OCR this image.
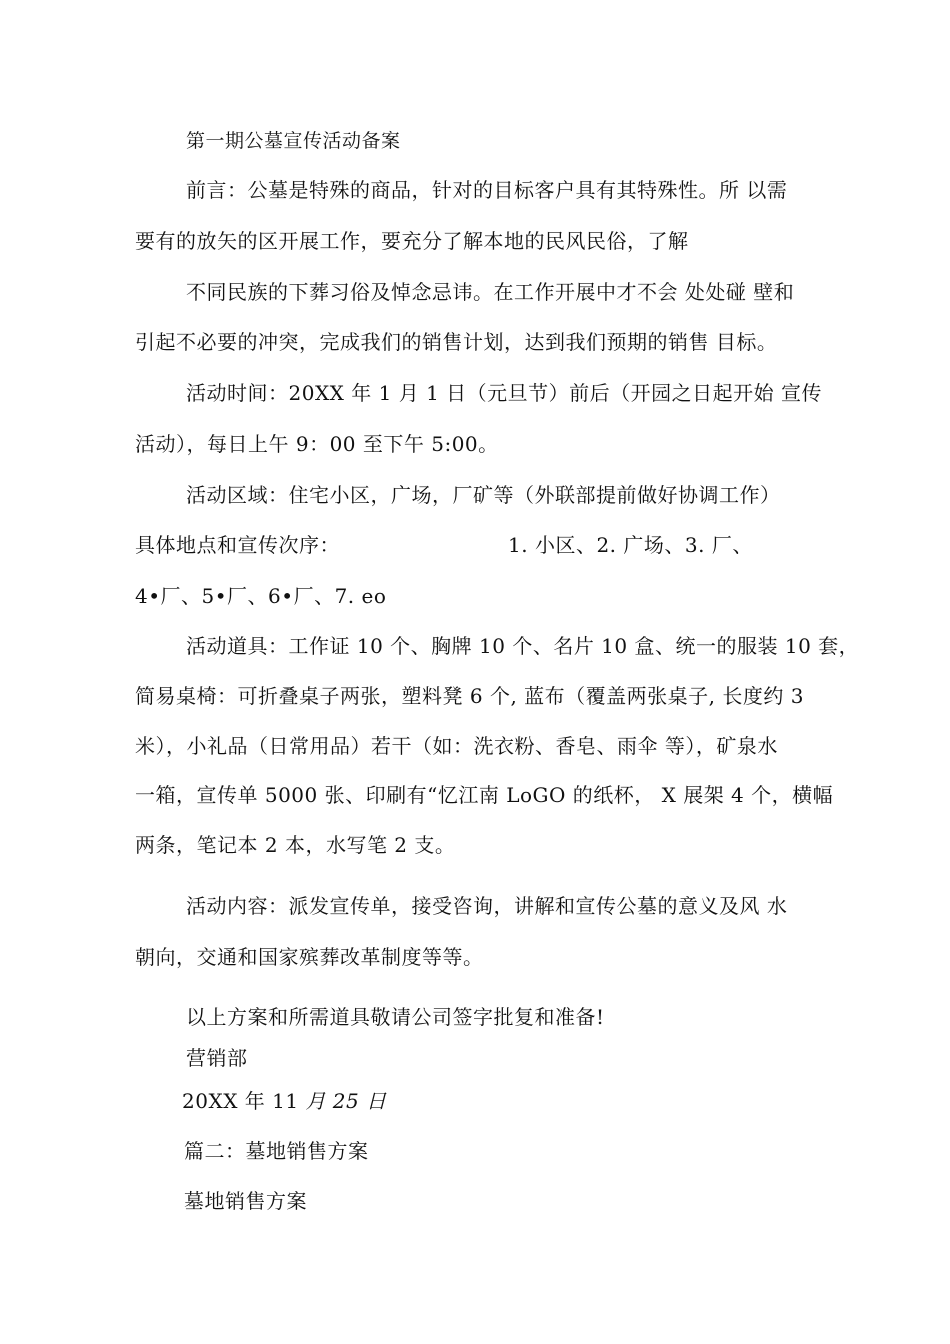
第一期公墓宣传活动备案
前言：公墓是特殊的商品，针对的目标客户具有其特殊性。所 以需
要有的放矢的区开展工作，要充分了解本地的民风民俗，了解
不同民族的下葬习俗及悼念忌讳。在工作开展中才不会 处处碰 壁和
引起不必要的冲突，完成我们的销售计划，达到我们预期的销售 目标。
活动时间：20XX 年 1 月 1 日（元旦节）前后（开园之日起开始 宣传
活动），每日上午 9：00 至下午 5:00。
活动区域：住宅小区，广场，厂矿等（外联部提前做好协调工作）
具体地点和宣传次序：	1. 小区、2. 广场、3. 厂、
4•厂、5•厂、6•厂、7. eo
活动道具：工作证 10 个、胸牌 10 个、名片 10 盒、统一的服装 10 套，
简易桌椅：可折叠桌子两张，塑料凳 6 个, 蓝布（覆盖两张桌子, 长度约 3
米），小礼品（日常用品）若干（如：洗衣粉、香皂、雨伞 等），矿泉水
一箱，宣传单 5000 张、印刷有“忆江南 LoGO 的纸杯， X 展架 4 个，横幅
两条，笔记本 2 本，水写笔 2 支。
活动内容：派发宣传单，接受咨询，讲解和宣传公墓的意义及风 水
朝向，交通和国家殡葬改革制度等等。
以上方案和所需道具敬请公司签字批复和准备!
营销部
20XX 年 11 月 25 日
篇二：墓地销售方案
墓地销售方案
